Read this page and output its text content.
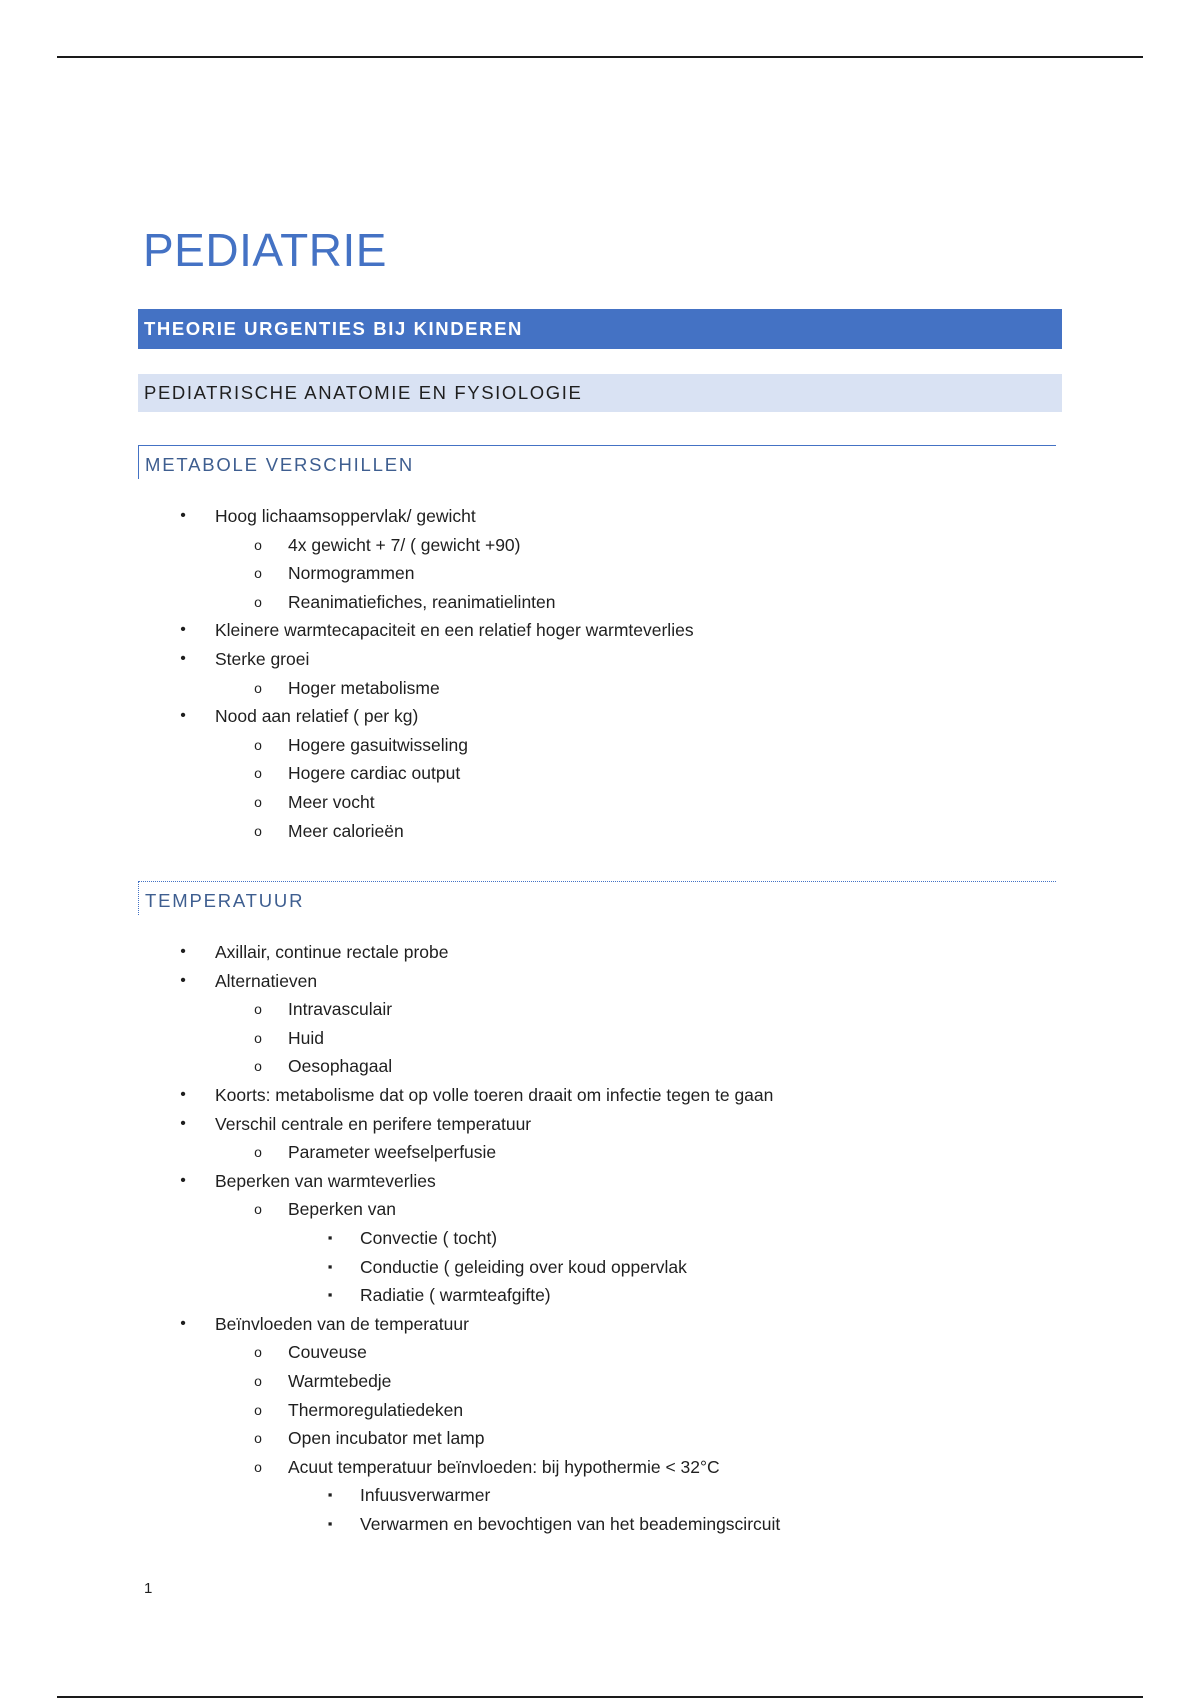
PEDIATRIE
THEORIE URGENTIES BIJ KINDEREN
PEDIATRISCHE ANATOMIE EN FYSIOLOGIE
METABOLE VERSCHILLEN
•	Hoog lichaamsoppervlak/ gewicht
o	4x gewicht + 7/ ( gewicht +90)
o	Normogrammen
o	Reanimatiefiches, reanimatielinten
•	Kleinere warmtecapaciteit en een relatief hoger warmteverlies
•	Sterke groei
o	Hoger metabolisme
•	Nood aan relatief ( per kg)
o	Hogere gasuitwisseling
o	Hogere cardiac output
o	Meer vocht
o	Meer calorieën
TEMPERATUUR
•	Axillair, continue rectale probe
•	Alternatieven
o	Intravasculair
o	Huid
o	Oesophagaal
•	Koorts: metabolisme dat op volle toeren draait om infectie tegen te gaan
•	Verschil centrale en perifere temperatuur
o	Parameter weefselperfusie
•	Beperken van warmteverlies
o	Beperken van
▪	Convectie ( tocht)
▪	Conductie ( geleiding over koud oppervlak
▪	Radiatie ( warmteafgifte)
•	Beïnvloeden van de temperatuur
o	Couveuse
o	Warmtebedje
o	Thermoregulatiedeken
o	Open incubator met lamp
o	Acuut temperatuur beïnvloeden: bij hypothermie < 32°C
▪	Infuusverwarmer
▪	Verwarmen en bevochtigen van het beademingscircuit
1
